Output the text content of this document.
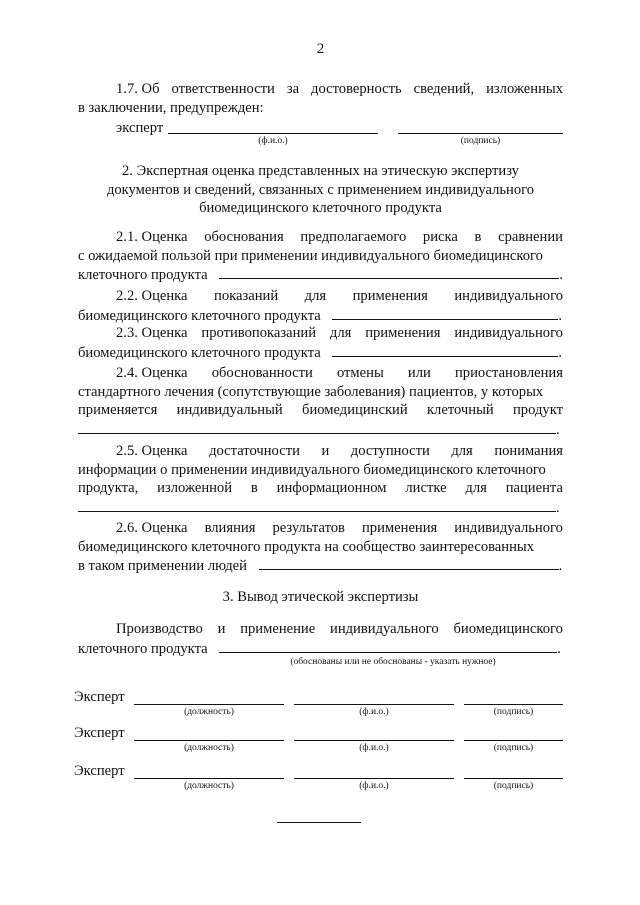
2
1.7. Об ответственности за достоверность сведений, изложенных
в заключении, предупрежден:
эксперт
(ф.и.о.)	(подпись)
2. Экспертная оценка представленных на этическую экспертизу
документов и сведений, связанных с применением индивидуального
биомедицинского клеточного продукта
2.1. Оценка обоснования предполагаемого риска в сравнении
с ожидаемой пользой при применении индивидуального биомедицинского
клеточного продукта	.
2.2. Оценка показаний для применения индивидуального
биомедицинского клеточного продукта	.
2.3. Оценка противопоказаний для применения индивидуального
биомедицинского клеточного продукта	.
2.4. Оценка обоснованности отмены или приостановления
стандартного лечения (сопутствующие заболевания) пациентов, у которых
применяется индивидуальный биомедицинский клеточный продукт
.
2.5. Оценка достаточности и доступности для понимания
информации о применении индивидуального биомедицинского клеточного
продукта, изложенной в информационном листке для пациента
.
2.6. Оценка влияния результатов применения индивидуального
биомедицинского клеточного продукта на сообщество заинтересованных
в таком применении людей	.
3. Вывод этической экспертизы
Производство и применение индивидуального биомедицинского
клеточного продукта	.
(обоснованы или не обоснованы - указать нужное)
Эксперт
(должность)	(ф.и.о.)	(подпись)
Эксперт
(должность)	(ф.и.о.)	(подпись)
Эксперт
(должность)	(ф.и.о.)	(подпись)
